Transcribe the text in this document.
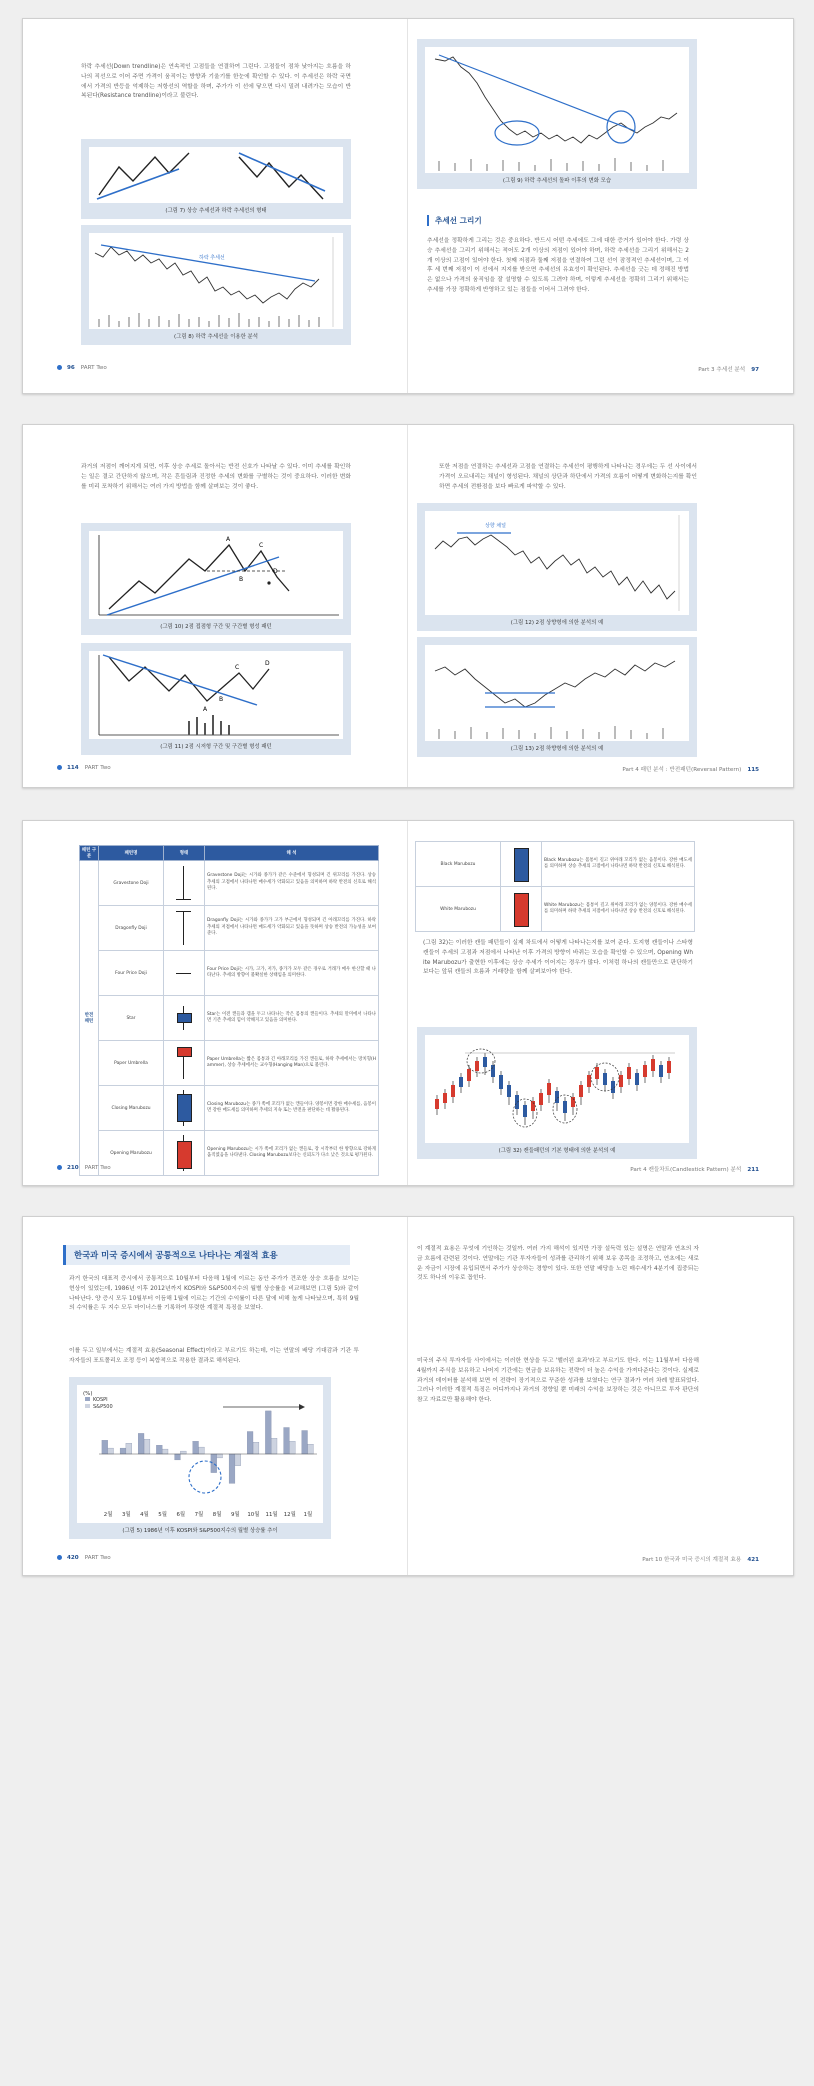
하락 추세선(Down trendline)은 연속적인 고점들을 연결하여 그린다. 고점들이 점차 낮아지는 흐름을 하나의 직선으로 이어 주면 가격이 움직이는 방향과 기울기를 한눈에 확인할 수 있다. 이 추세선은 하락 국면에서 가격의 반등을 억제하는 저항선의 역할을 하며, 주가가 이 선에 닿으면 다시 밀려 내려가는 모습이 반복된다(Resistance trendline)이라고 불린다.
(그림 7) 상승 추세선과 하락 추세선의 형태
하락 추세선
(그림 8) 하락 추세선을 이용한 분석
96 PART Two
(그림 9) 하락 추세선의 돌파 이후의 변화 모습
추세선 그리기
추세선을 정확하게 그리는 것은 중요하다. 반드시 어떤 추세에도 그에 대한 증거가 있어야 한다. 가령 상승 추세선을 그리기 위해서는 적어도 2개 이상의 저점이 있어야 하며, 하락 추세선을 그리기 위해서는 2개 이상의 고점이 있어야 한다. 첫째 저점과 둘째 저점을 연결하여 그린 선이 잠정적인 추세선이며, 그 이후 세 번째 저점이 이 선에서 지지를 받으면 추세선의 유효성이 확인된다. 추세선을 긋는 데 정해진 방법은 없으나 가격의 움직임을 잘 설명할 수 있도록 그려야 하며, 이렇게 추세선을 정확히 그리기 위해서는 추세를 가장 정확하게 반영하고 있는 점들을 이어서 그려야 한다.
Part 3 추세선 분석 97
과거의 저점이 깨어지게 되면, 이후 상승 추세로 돌아서는 반전 신호가 나타날 수 있다. 이미 추세를 확인하는 일은 결코 간단하지 않으며, 작은 흔들림과 진정한 추세의 변화를 구별하는 것이 중요하다. 이러한 변화를 미리 포착하기 위해서는 여러 가지 방법을 함께 살펴보는 것이 좋다.
A
B
C
D
(그림 10) 2점 접점형 구간 및 구간별 형성 패턴
A
B
C
D
(그림 11) 2점 시저형 구간 및 구간별 형성 패턴
114 PART Two
또한 저점을 연결하는 추세선과 고점을 연결하는 추세선이 평행하게 나타나는 경우에는 두 선 사이에서 가격이 오르내리는 채널이 형성된다. 채널의 상단과 하단에서 가격의 흐름이 어떻게 변화하는지를 확인하면 추세의 전환점을 보다 빠르게 파악할 수 있다.
상향 채널
(그림 12) 2점 상향형에 의한 분석의 예
(그림 13) 2점 하향형에 의한 분석의 예
Part 4 패턴 분석 : 반전패턴(Reversal Pattern) 115
패턴 구분	패턴명	형태	해 석
반전 패턴	Gravestone Doji		Gravestone Doji는 시가와 종가가 같은 수준에서 형성되며 긴 위꼬리를 가진다. 상승 추세의 고점에서 나타나면 매수세가 약화되고 있음을 의미하며 하락 반전의 신호로 해석된다.
	Dragonfly Doji		Dragonfly Doji는 시가와 종가가 고가 부근에서 형성되며 긴 아래꼬리를 가진다. 하락 추세의 저점에서 나타나면 매도세가 약화되고 있음을 뜻하며 상승 반전의 가능성을 보여 준다.
	Four Price Doji		Four Price Doji는 시가, 고가, 저가, 종가가 모두 같은 경우로 거래가 매우 한산할 때 나타난다. 추세의 방향이 불확실한 상태임을 의미한다.
	Star		Star는 이전 캔들과 갭을 두고 나타나는 작은 몸통의 캔들이다. 추세의 말미에서 나타나면 기존 추세의 힘이 약해지고 있음을 의미한다.
	Paper Umbrella		Paper Umbrella는 짧은 몸통과 긴 아래꼬리를 가진 캔들로, 하락 추세에서는 망치형(Hammer), 상승 추세에서는 교수형(Hanging Man)으로 불린다.
	Closing Marubozu		Closing Marubozu는 종가 쪽에 꼬리가 없는 캔들이다. 양봉이면 강한 매수세를, 음봉이면 강한 매도세를 의미하며 추세의 지속 또는 반전을 판단하는 데 활용된다.
	Opening Marubozu		Opening Marubozu는 시가 쪽에 꼬리가 없는 캔들로, 장 시작부터 한 방향으로 강하게 움직였음을 나타낸다. Closing Marubozu보다는 신뢰도가 다소 낮은 것으로 평가된다.
210 PART Two
Black Marubozu		Black Marubozu는 몸통이 길고 위아래 꼬리가 없는 음봉이다. 강한 매도세를 의미하며 상승 추세의 고점에서 나타나면 하락 반전의 신호로 해석된다.
White Marubozu		White Marubozu는 몸통이 길고 위아래 꼬리가 없는 양봉이다. 강한 매수세를 의미하며 하락 추세의 저점에서 나타나면 상승 반전의 신호로 해석된다.
(그림 32)는 이러한 캔들 패턴들이 실제 차트에서 어떻게 나타나는지를 보여 준다. 도지형 캔들이나 스타형 캔들이 추세의 고점과 저점에서 나타난 이후 가격의 방향이 바뀌는 모습을 확인할 수 있으며, Opening White Marubozu가 출현한 이후에는 상승 추세가 이어지는 경우가 많다. 이처럼 하나의 캔들만으로 판단하기보다는 앞뒤 캔들의 흐름과 거래량을 함께 살펴보아야 한다.
(그림 32) 캔들패턴의 기본 형태에 의한 분석의 예
Part 4 캔들차트(Candlestick Pattern) 분석 211
한국과 미국 증시에서 공통적으로 나타나는 계절적 효용
과거 한국의 대표적 증시에서 공통적으로 10월부터 다음해 1월에 이르는 동안 주가가 견조한 상승 흐름을 보이는 현상이 있었는데, 1986년 이후 2012년까지 KOSPI와 S&P500지수의 월별 상승률을 비교해보면 (그림 5)와 같이 나타난다. 양 증시 모두 10월부터 이듬해 1월에 이르는 기간의 수익률이 다른 달에 비해 높게 나타났으며, 특히 9월의 수익률은 두 지수 모두 마이너스를 기록하여 뚜렷한 계절적 특징을 보였다.
이를 두고 일부에서는 계절적 효용(Seasonal Effect)이라고 부르기도 하는데, 이는 연말의 배당 기대감과 기관 투자자들의 포트폴리오 조정 등이 복합적으로 작용한 결과로 해석된다.
(%)
KOSPI
S&P500
2월 3월 4월 5월 6월 7월 8월 9월 10월 11월 12월 1월
(그림 5) 1986년 이후 KOSPI와 S&P500지수의 월별 상승률 추이
420 PART Two
이 계절적 효용은 무엇에 기인하는 것일까. 여러 가지 해석이 있지만 가장 설득력 있는 설명은 연말과 연초의 자금 흐름에 관련된 것이다. 연말에는 기관 투자자들이 성과를 관리하기 위해 보유 종목을 조정하고, 연초에는 새로운 자금이 시장에 유입되면서 주가가 상승하는 경향이 있다. 또한 연말 배당을 노린 매수세가 4분기에 집중되는 것도 하나의 이유로 꼽힌다.
미국의 주식 투자자들 사이에서는 이러한 현상을 두고 '핼러윈 효과'라고 부르기도 한다. 이는 11월부터 다음해 4월까지 주식을 보유하고 나머지 기간에는 현금을 보유하는 전략이 더 높은 수익을 가져다준다는 것이다. 실제로 과거의 데이터를 분석해 보면 이 전략이 장기적으로 꾸준한 성과를 보였다는 연구 결과가 여러 차례 발표되었다. 그러나 이러한 계절적 특징은 어디까지나 과거의 경향일 뿐 미래의 수익을 보장하는 것은 아니므로 투자 판단의 참고 자료로만 활용해야 한다.
Part 10 한국과 미국 증시의 계절적 효용 421
